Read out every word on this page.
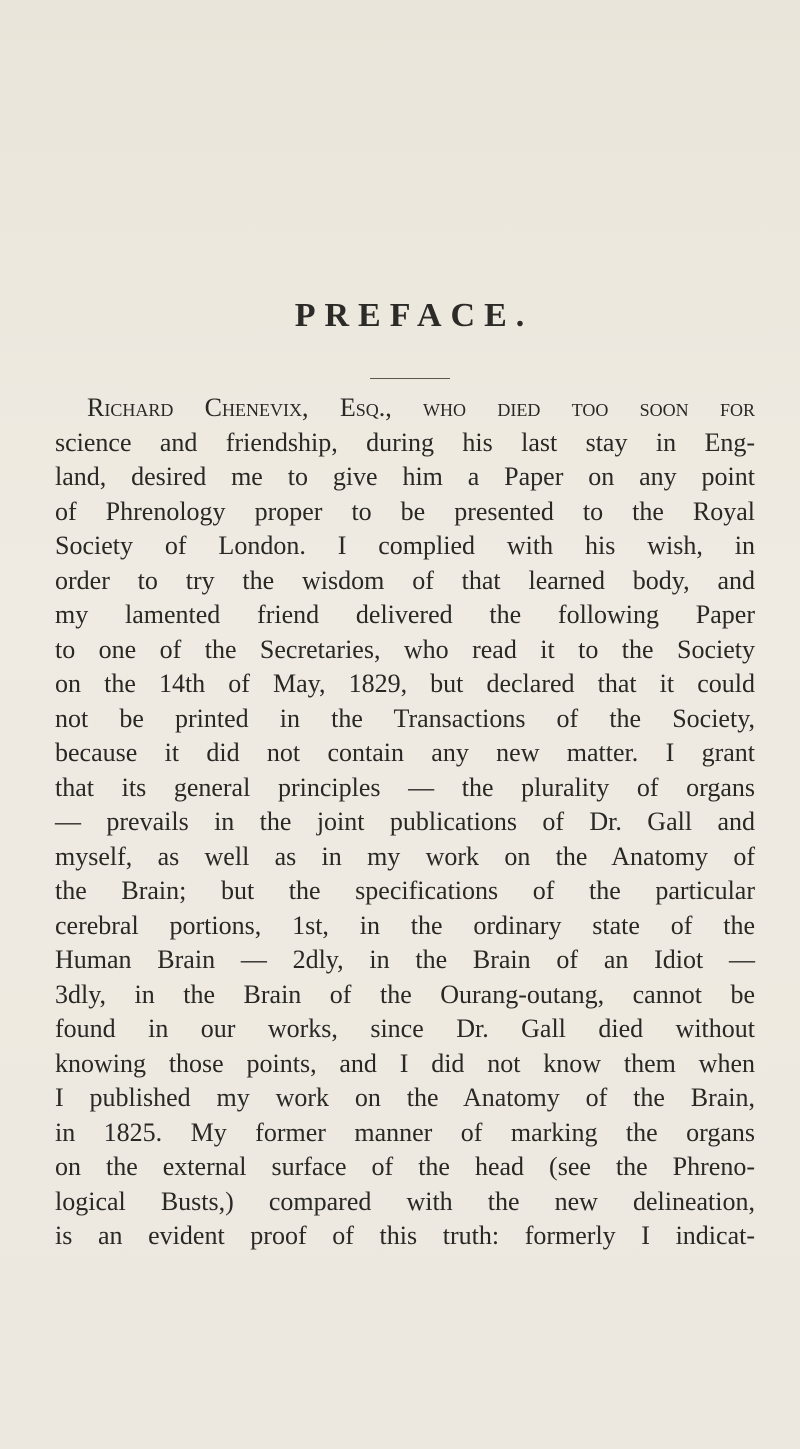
PREFACE.
Richard Chenevix, Esq., who died too soon for
science and friendship, during his last stay in Eng-
land, desired me to give him a Paper on any point
of Phrenology proper to be presented to the Royal
Society of London. I complied with his wish, in
order to try the wisdom of that learned body, and
my lamented friend delivered the following Paper
to one of the Secretaries, who read it to the Society
on the 14th of May, 1829, but declared that it could
not be printed in the Transactions of the Society,
because it did not contain any new matter. I grant
that its general principles — the plurality of organs
— prevails in the joint publications of Dr. Gall and
myself, as well as in my work on the Anatomy of
the Brain; but the specifications of the particular
cerebral portions, 1st, in the ordinary state of the
Human Brain — 2dly, in the Brain of an Idiot —
3dly, in the Brain of the Ourang-outang, cannot be
found in our works, since Dr. Gall died without
knowing those points, and I did not know them when
I published my work on the Anatomy of the Brain,
in 1825. My former manner of marking the organs
on the external surface of the head (see the Phreno-
logical Busts,) compared with the new delineation,
is an evident proof of this truth: formerly I indicat-
